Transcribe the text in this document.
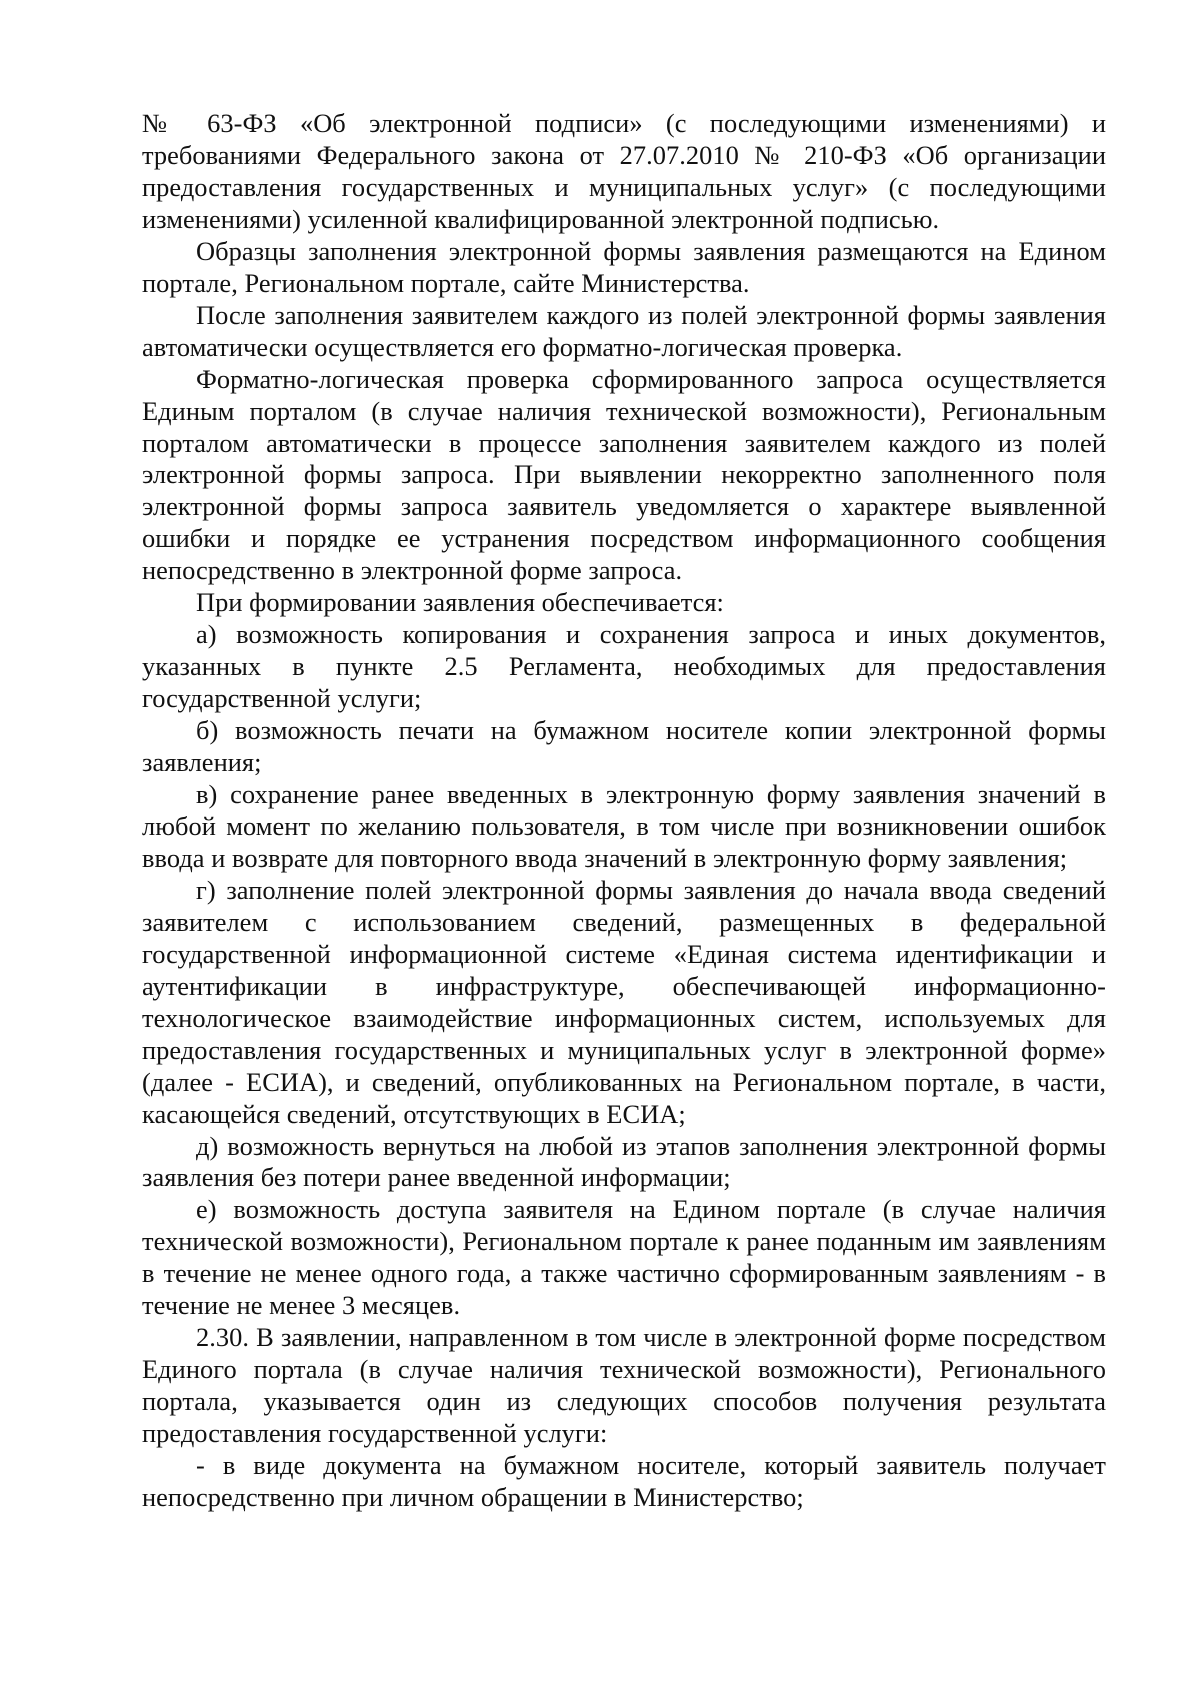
№ 63-ФЗ «Об электронной подписи» (с последующими изменениями) и требованиями Федерального закона от 27.07.2010 № 210-ФЗ «Об организации предоставления государственных и муниципальных услуг» (с последующими изменениями) усиленной квалифицированной электронной подписью.

Образцы заполнения электронной формы заявления размещаются на Едином портале, Региональном портале, сайте Министерства.

После заполнения заявителем каждого из полей электронной формы заявления автоматически осуществляется его форматно-логическая проверка.

Форматно-логическая проверка сформированного запроса осуществляется Единым порталом (в случае наличия технической возможности), Региональным порталом автоматически в процессе заполнения заявителем каждого из полей электронной формы запроса. При выявлении некорректно заполненного поля электронной формы запроса заявитель уведомляется о характере выявленной ошибки и порядке ее устранения посредством информационного сообщения непосредственно в электронной форме запроса.

При формировании заявления обеспечивается:

а) возможность копирования и сохранения запроса и иных документов, указанных в пункте 2.5 Регламента, необходимых для предоставления государственной услуги;

б) возможность печати на бумажном носителе копии электронной формы заявления;

в) сохранение ранее введенных в электронную форму заявления значений в любой момент по желанию пользователя, в том числе при возникновении ошибок ввода и возврате для повторного ввода значений в электронную форму заявления;

г) заполнение полей электронной формы заявления до начала ввода сведений заявителем с использованием сведений, размещенных в федеральной государственной информационной системе «Единая система идентификации и аутентификации в инфраструктуре, обеспечивающей информационно-технологическое взаимодействие информационных систем, используемых для предоставления государственных и муниципальных услуг в электронной форме» (далее - ЕСИА), и сведений, опубликованных на Региональном портале, в части, касающейся сведений, отсутствующих в ЕСИА;

д) возможность вернуться на любой из этапов заполнения электронной формы заявления без потери ранее введенной информации;

е) возможность доступа заявителя на Едином портале (в случае наличия технической возможности), Региональном портале к ранее поданным им заявлениям в течение не менее одного года, а также частично сформированным заявлениям - в течение не менее 3 месяцев.

2.30. В заявлении, направленном в том числе в электронной форме посредством Единого портала (в случае наличия технической возможности), Регионального портала, указывается один из следующих способов получения результата предоставления государственной услуги:

- в виде документа на бумажном носителе, который заявитель получает непосредственно при личном обращении в Министерство;
